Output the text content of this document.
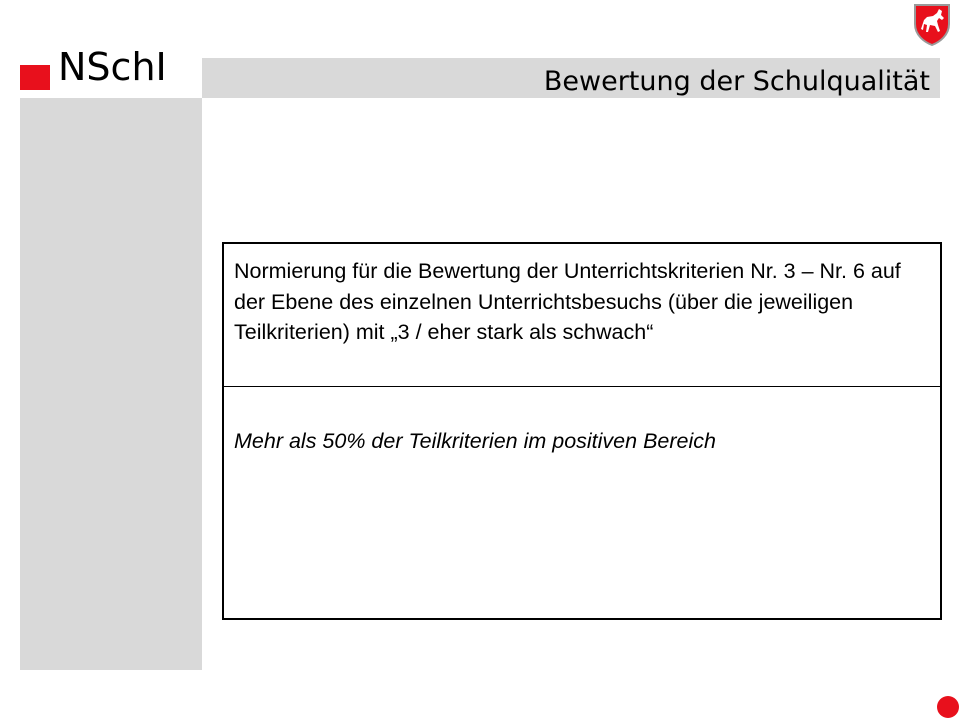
NSchI	Bewertung der Schulqualität
Normierung für die Bewertung der Unterrichtskriterien Nr. 3 – Nr. 6 auf der Ebene des einzelnen Unterrichtsbesuchs (über die jeweiligen Teilkriterien) mit „3 / eher stark als schwach“
Mehr als 50% der Teilkriterien im positiven Bereich
